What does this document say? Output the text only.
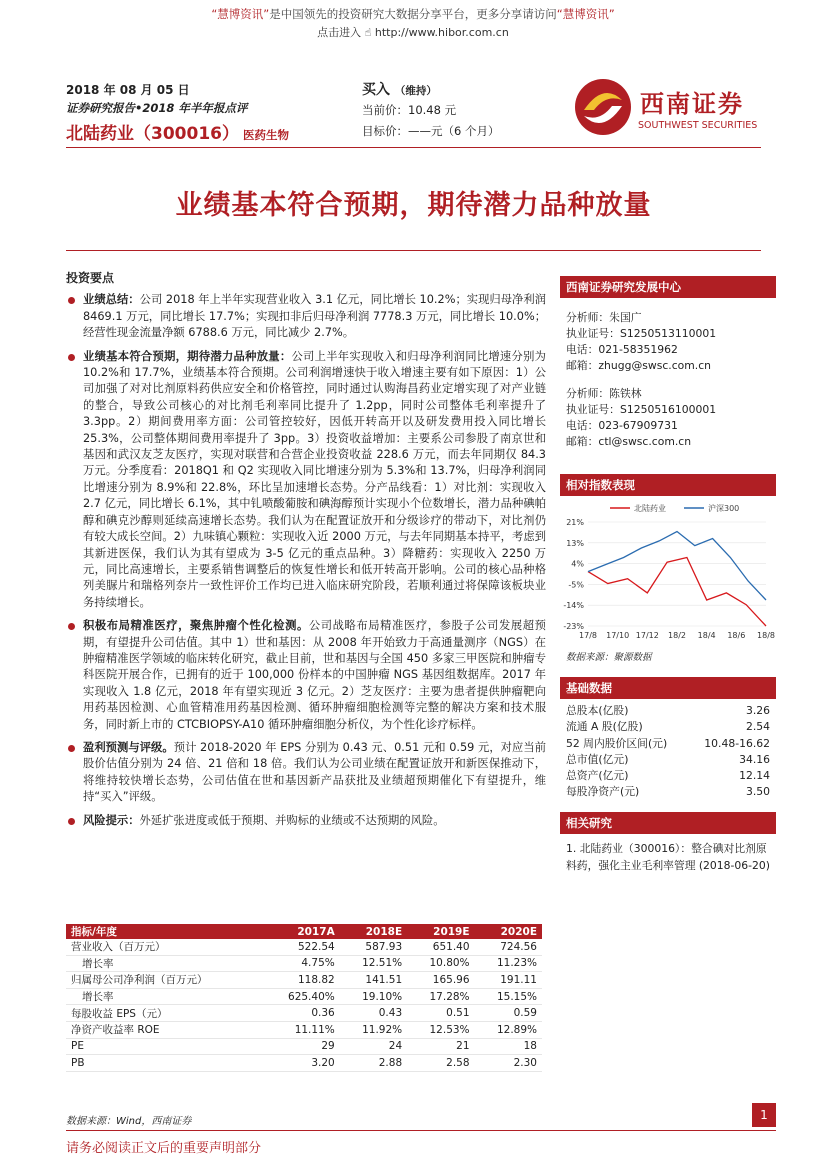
“慧博资讯”是中国领先的投资研究大数据分享平台，更多分享请访问“慧博资讯”
点击进入 ☝ http://www.hibor.com.cn
2018 年 08 月 05 日
证券研究报告•2018 年半年报点评
北陆药业（300016） 医药生物
买入 （维持）
当前价：10.48 元
目标价：——元（6 个月）
西南证券
SOUTHWEST SECURITIES
业绩基本符合预期，期待潜力品种放量
投资要点
业绩总结：公司 2018 年上半年实现营业收入 3.1 亿元，同比增长 10.2%；实现归母净利润 8469.1 万元，同比增长 17.7%；实现扣非后归母净利润 7778.3 万元，同比增长 10.0%；经营性现金流量净额 6788.6 万元，同比减少 2.7%。
业绩基本符合预期，期待潜力品种放量：公司上半年实现收入和归母净利润同比增速分别为 10.2%和 17.7%，业绩基本符合预期。公司利润增速快于收入增速主要有如下原因：1）公司加强了对对比剂原料药供应安全和价格管控，同时通过认购海昌药业定增实现了对产业链的整合，导致公司核心的对比剂毛利率同比提升了 1.2pp，同时公司整体毛利率提升了 3.3pp。2）期间费用率方面：公司管控较好，因低开转高开以及研发费用投入同比增长 25.3%，公司整体期间费用率提升了 3pp。3）投资收益增加：主要系公司参股了南京世和基因和武汉友芝友医疗，实现对联营和合营企业投资收益 228.6 万元，而去年同期仅 84.3 万元。分季度看：2018Q1 和 Q2 实现收入同比增速分别为 5.3%和 13.7%，归母净利润同比增速分别为 8.9%和 22.8%，环比呈加速增长态势。分产品线看：1）对比剂：实现收入 2.7 亿元，同比增长 6.1%，其中钆喷酸葡胺和碘海醇预计实现小个位数增长，潜力品种碘帕醇和碘克沙醇则延续高速增长态势。我们认为在配置证放开和分级诊疗的带动下，对比剂仍有较大成长空间。2）九味镇心颗粒：实现收入近 2000 万元，与去年同期基本持平，考虑到其新进医保，我们认为其有望成为 3-5 亿元的重点品种。3）降糖药：实现收入 2250 万元，同比高速增长，主要系销售调整后的恢复性增长和低开转高开影响。公司的核心品种格列美脲片和瑞格列奈片一致性评价工作均已进入临床研究阶段，若顺利通过将保障该板块业务持续增长。
积极布局精准医疗，聚焦肿瘤个性化检测。公司战略布局精准医疗，参股子公司发展超预期，有望提升公司估值。其中 1）世和基因：从 2008 年开始致力于高通量测序（NGS）在肿瘤精准医学领域的临床转化研究，截止目前，世和基因与全国 450 多家三甲医院和肿瘤专科医院开展合作，已拥有的近于 100,000 份样本的中国肿瘤 NGS 基因组数据库。2017 年实现收入 1.8 亿元，2018 年有望实现近 3 亿元。2）芝友医疗：主要为患者提供肿瘤靶向用药基因检测、心血管精准用药基因检测、循环肿瘤细胞检测等完整的解决方案和技术服务，同时新上市的 CTCBIOPSY-A10 循环肿瘤细胞分析仪，为个性化诊疗标样。
盈利预测与评级。预计 2018-2020 年 EPS 分别为 0.43 元、0.51 元和 0.59 元，对应当前股价估值分别为 24 倍、21 倍和 18 倍。我们认为公司业绩在配置证放开和新医保推动下，将维持较快增长态势，公司估值在世和基因新产品获批及业绩超预期催化下有望提升，维持“买入”评级。
风险提示：外延扩张进度或低于预期、并购标的业绩或不达预期的风险。
西南证券研究发展中心
分析师：朱国广
执业证号：S1250513110001
电话：021-58351962
邮箱：zhugg@swsc.com.cn
分析师：陈铁林
执业证号：S1250516100001
电话：023-67909731
邮箱：ctl@swsc.com.cn
相对指数表现
北陆药业	沪深300
21%
13%
4%
-5%
-14%
-23%
17/8 17/10 17/12 18/2 18/4 18/6 18/8
数据来源：聚源数据
基础数据
总股本(亿股)	3.26
流通 A 股(亿股)	2.54
52 周内股价区间(元)	10.48-16.62
总市值(亿元)	34.16
总资产(亿元)	12.14
每股净资产(元)	3.50
相关研究
1. 北陆药业（300016）：整合碘对比剂原料药，强化主业毛利率管理 (2018-06-20)
指标/年度	2017A	2018E	2019E	2020E
营业收入（百万元）	522.54	587.93	651.40	724.56
增长率	4.75%	12.51%	10.80%	11.23%
归属母公司净利润（百万元）	118.82	141.51	165.96	191.11
增长率	625.40%	19.10%	17.28%	15.15%
每股收益 EPS（元）	0.36	0.43	0.51	0.59
净资产收益率 ROE	11.11%	11.92%	12.53%	12.89%
PE	29	24	21	18
PB	3.20	2.88	2.58	2.30
数据来源：Wind，西南证券
请务必阅读正文后的重要声明部分
1
